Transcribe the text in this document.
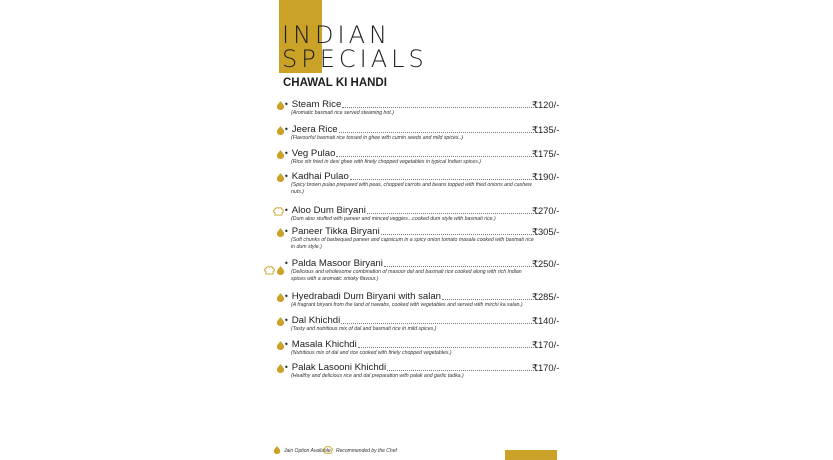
INDIAN
SPECIALS
CHAWAL KI HANDI
• Steam Rice	₹120/-
(Aromatic basmati rice served steaming hot.)
• Jeera Rice	₹135/-
(Flavourful basmati rice tossed in ghee with cumin seeds and mild spices..)
• Veg Pulao	₹175/-
(Rice stir fried in desi ghee with finely chopped vegetables in typical Indian spices.)
• Kadhai Pulao	₹190/-
(Spicy brown pulao prepared with peas, chopped carrots and beans topped with fried onions and cashew nuts.)
• Aloo Dum Biryani	₹270/-
(Dum aloo stuffed with paneer and minced veggies...cooked dum style with basmati rice.)
• Paneer Tikka Biryani	₹305/-
(Soft chunks of barbequed paneer and capsicum in a spicy onion tomato masala cooked with basmati rice in dum style.)
• Palda Masoor Biryani	₹250/-
(Delicious and wholesome combination of masoor dal and basmati rice cooked along with rich Indian spices with a aromatic smoky flavour.)
• Hyedrabadi Dum Biryani with salan	₹285/-
(A fragrant biryani from the land of nawabs, cooked with vegetables and served with mirchi ka salan.)
• Dal Khichdi	₹140/-
(Tasty and nutritious mix of dal and basmati rice in mild spices.)
• Masala Khichdi	₹170/-
(Nutritious mix of dal and rice cooked with finely chopped vegetables.)
• Palak Lasooni Khichdi	₹170/-
(Healthy and delicious rice and dal preparation with palak and garlic tadka.)
Jain Option Available Recommended by the Chef
